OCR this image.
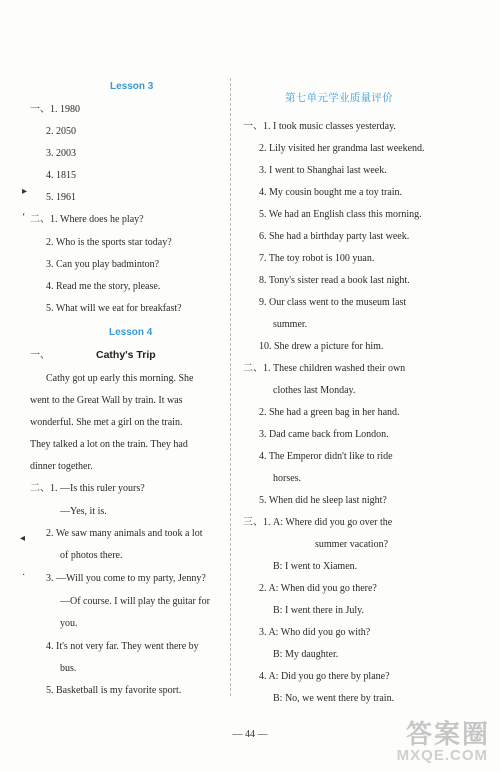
Lesson 3
一、1. 1980
2. 2050
3. 2003
4. 1815
5. 1961
二、1. Where does he play?
2. Who is the sports star today?
3. Can you play badminton?
4. Read me the story, please.
5. What will we eat for breakfast?
Lesson 4
一、	Cathy's Trip
Cathy got up early this morning. She
went to the Great Wall by train. It was
wonderful. She met a girl on the train.
They talked a lot on the train. They had
dinner together.
二、1. —Is this ruler yours?
—Yes, it is.
2. We saw many animals and took a lot
of photos there.
3. —Will you come to my party, Jenny?
—Of course. I will play the guitar for
you.
4. It's not very far. They went there by
bus.
5. Basketball is my favorite sport.
▸
‘
◂
·
第七单元学业质量评价
一、1. I took music classes yesterday.
2. Lily visited her grandma last weekend.
3. I went to Shanghai last week.
4. My cousin bought me a toy train.
5. We had an English class this morning.
6. She had a birthday party last week.
7. The toy robot is 100 yuan.
8. Tony's sister read a book last night.
9. Our class went to the museum last
summer.
10. She drew a picture for him.
二、1. These children washed their own
clothes last Monday.
2. She had a green bag in her hand.
3. Dad came back from London.
4. The Emperor didn't like to ride
horses.
5. When did he sleep last night?
三、1. A: Where did you go over the
summer vacation?
B: I went to Xiamen.
2. A: When did you go there?
B: I went there in July.
3. A: Who did you go with?
B: My daughter.
4. A: Did you go there by plane?
B: No, we went there by train.
— 44 —	答案圈
MXQE.COM
